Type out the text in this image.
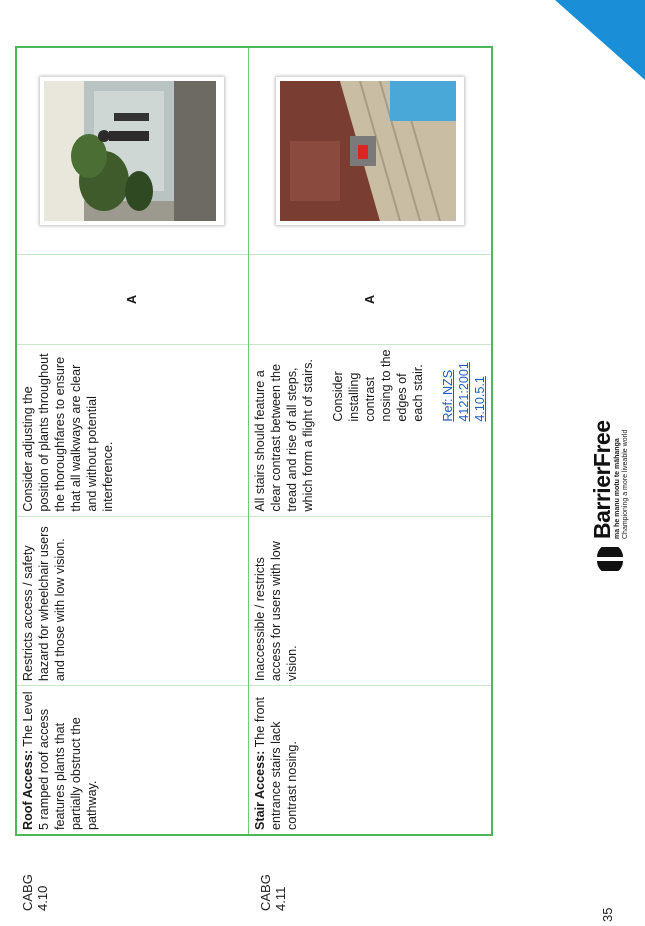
CABG 4.10	CABG 4.11
Roof Access: The Level 5 ramped roof access features plants that partially obstruct the pathway.	Restricts access / safety hazard for wheelchair users and those with low vision.	Consider adjusting the position of plants throughout the thoroughfares to ensure that all walkways are clear and without potential interference.	A	
Stair Access: The front entrance stairs lack contrast nosing.	Inaccessible / restricts access for users with low vision.	All stairs should feature a clear contrast between the tread and rise of all steps, which form a flight of stairs. Consider installing contrast nosing to the edges of each stair. Ref: NZS 4121:2001 4.10.5.1	A	
BarrierFree ma he manu motu te māhanga Championing a more liveable world
35
